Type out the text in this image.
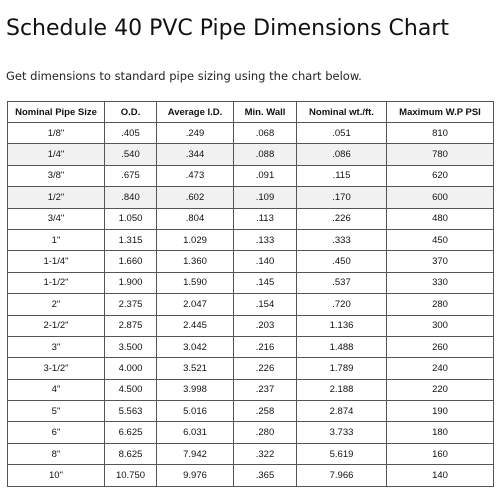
Schedule 40 PVC Pipe Dimensions Chart
Get dimensions to standard pipe sizing using the chart below.
Nominal Pipe Size	O.D.	Average I.D.	Min. Wall	Nominal wt./ft.	Maximum W.P PSI
1/8"	.405	.249	.068	.051	810
1/4"	.540	.344	.088	.086	780
3/8"	.675	.473	.091	.115	620
1/2"	.840	.602	.109	.170	600
3/4"	1.050	.804	.113	.226	480
1"	1.315	1.029	.133	.333	450
1-1/4"	1.660	1.360	.140	.450	370
1-1/2"	1.900	1.590	.145	.537	330
2"	2.375	2.047	.154	.720	280
2-1/2"	2.875	2.445	.203	1.136	300
3"	3.500	3.042	.216	1.488	260
3-1/2"	4.000	3.521	.226	1.789	240
4"	4.500	3.998	.237	2.188	220
5"	5.563	5.016	.258	2.874	190
6"	6.625	6.031	.280	3.733	180
8"	8.625	7.942	.322	5.619	160
10"	10.750	9.976	.365	7.966	140
